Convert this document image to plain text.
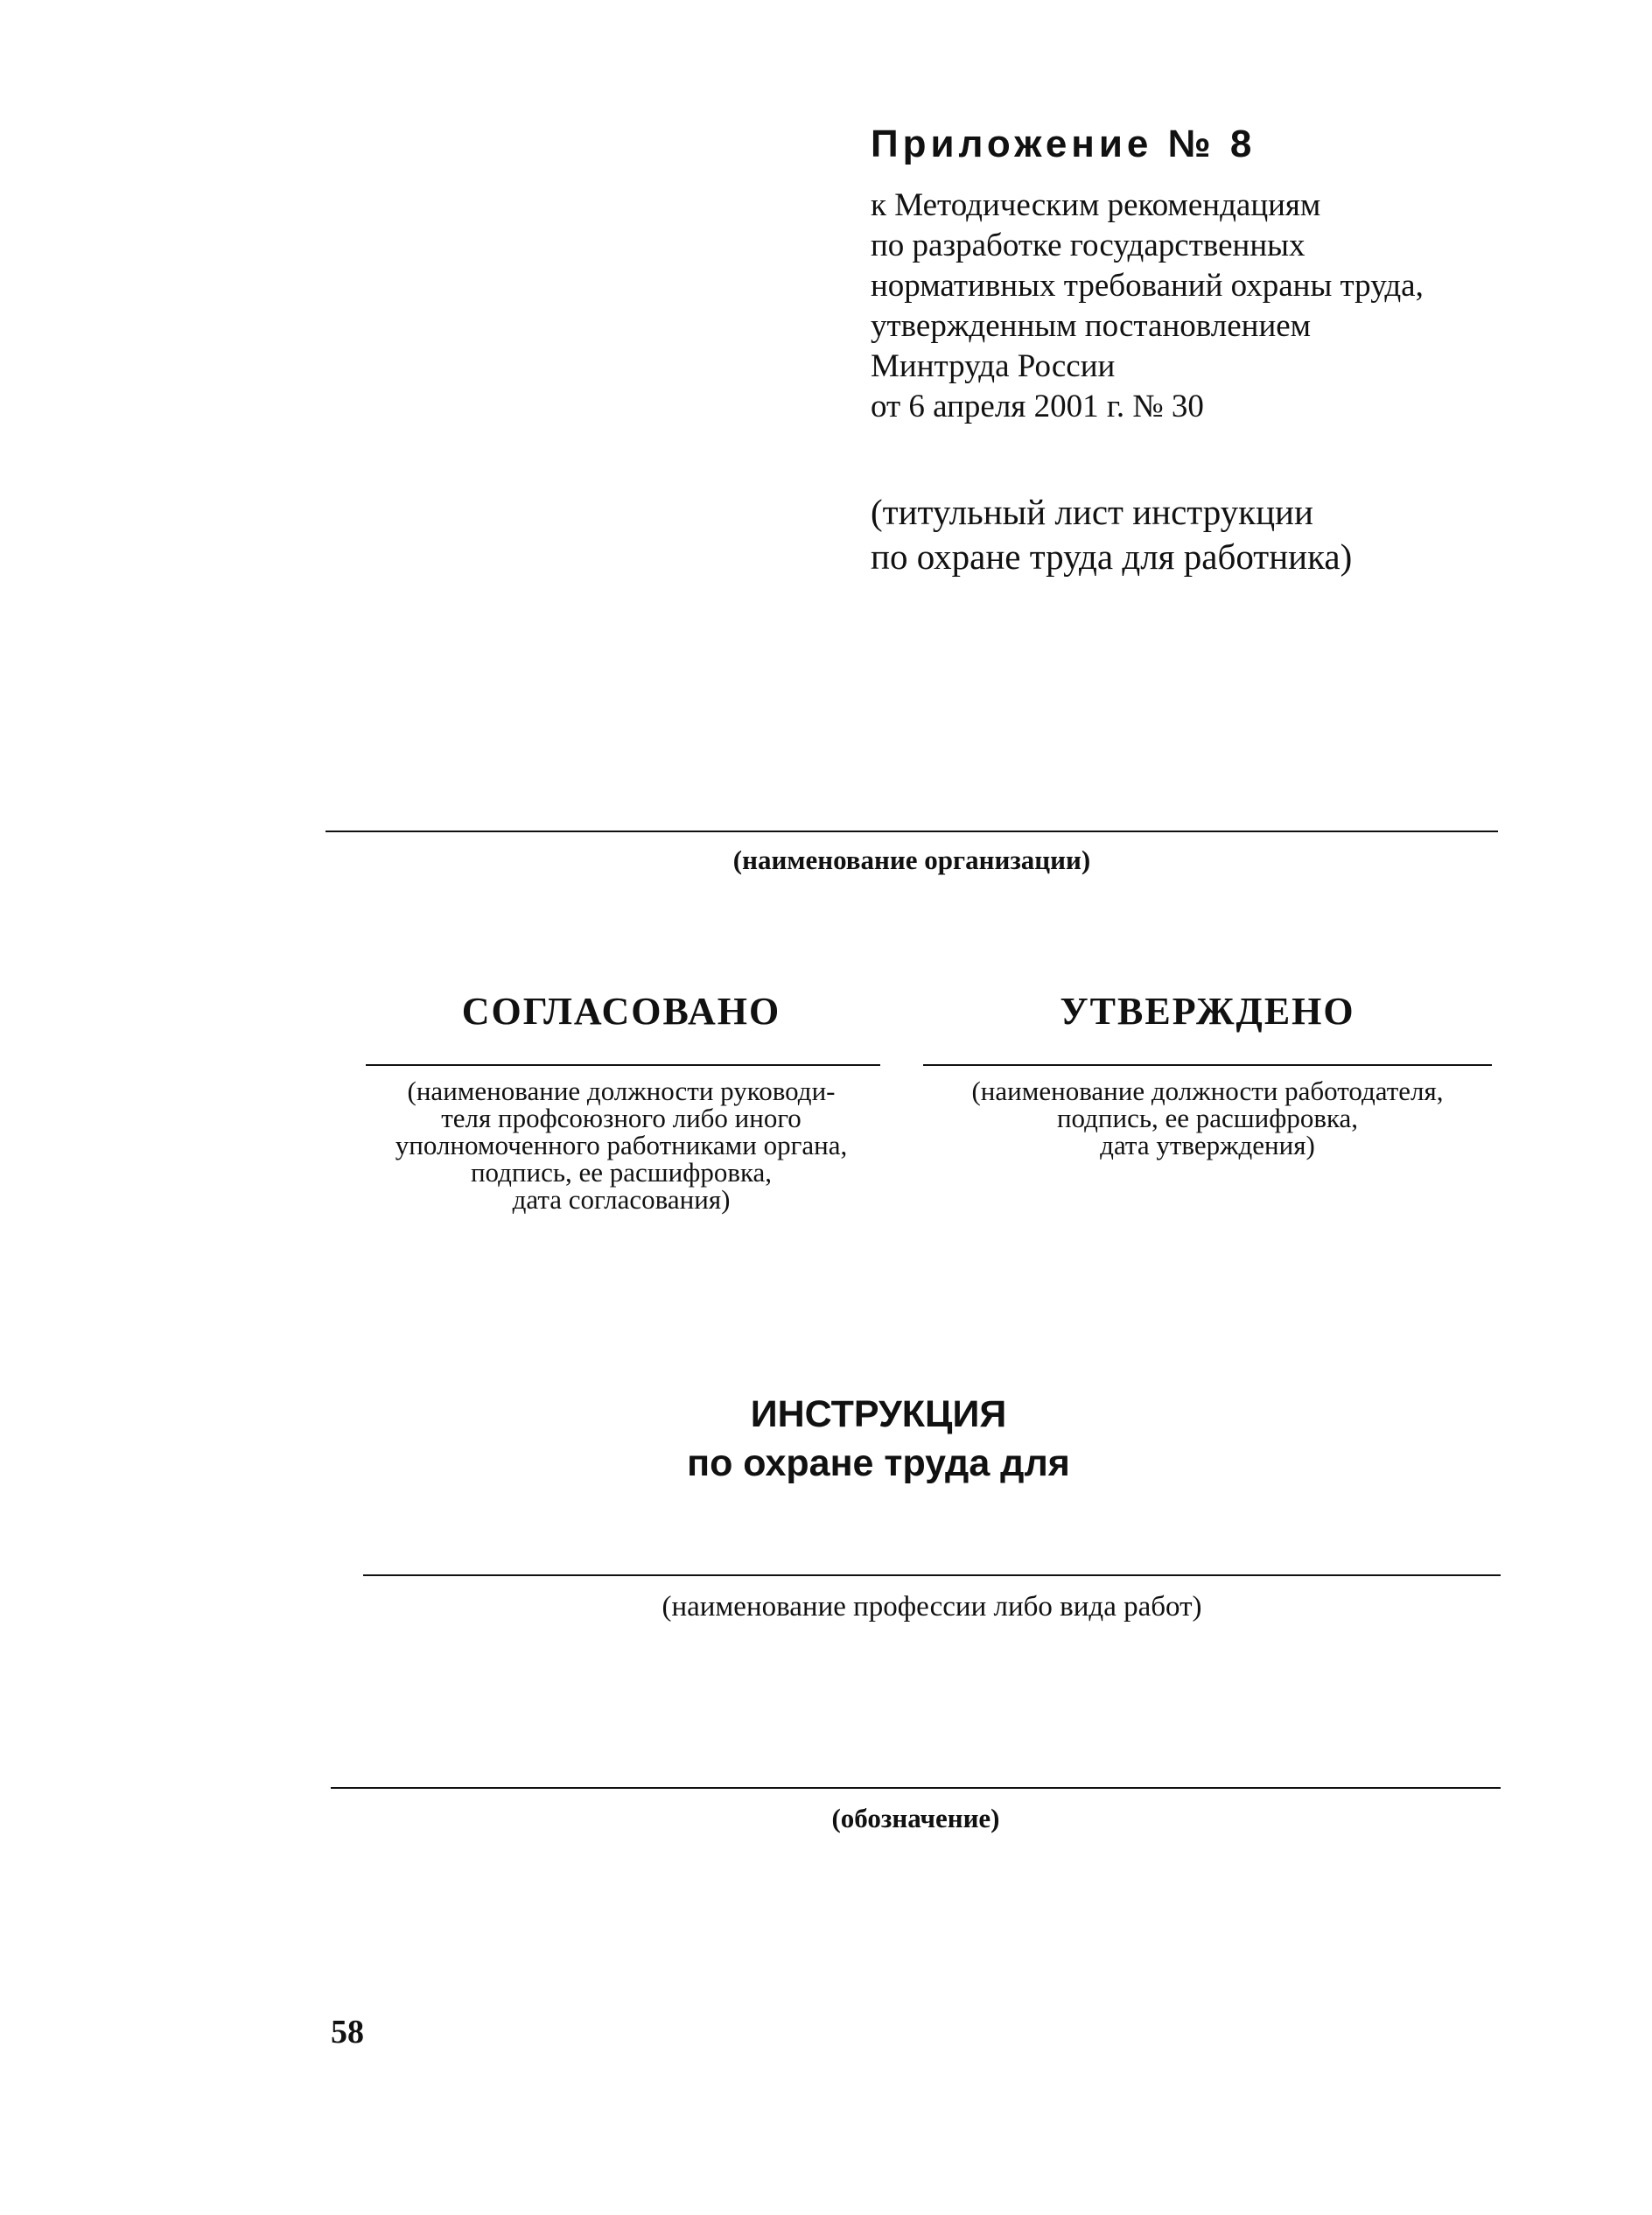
Приложение № 8
к Методическим рекомендациям
по разработке государственных
нормативных требований охраны труда,
утвержденным постановлением
Минтруда России
от 6 апреля 2001 г. № 30
(титульный лист инструкции
по охране труда для работника)
(наименование организации)
СОГЛАСОВАНО
(наименование должности руководи-
теля профсоюзного либо иного
уполномоченного работниками органа,
подпись, ее расшифровка,
дата согласования)
УТВЕРЖДЕНО
(наименование должности работодателя,
подпись, ее расшифровка,
дата утверждения)
ИНСТРУКЦИЯ
по охране труда для
(наименование профессии либо вида работ)
(обозначение)
58
